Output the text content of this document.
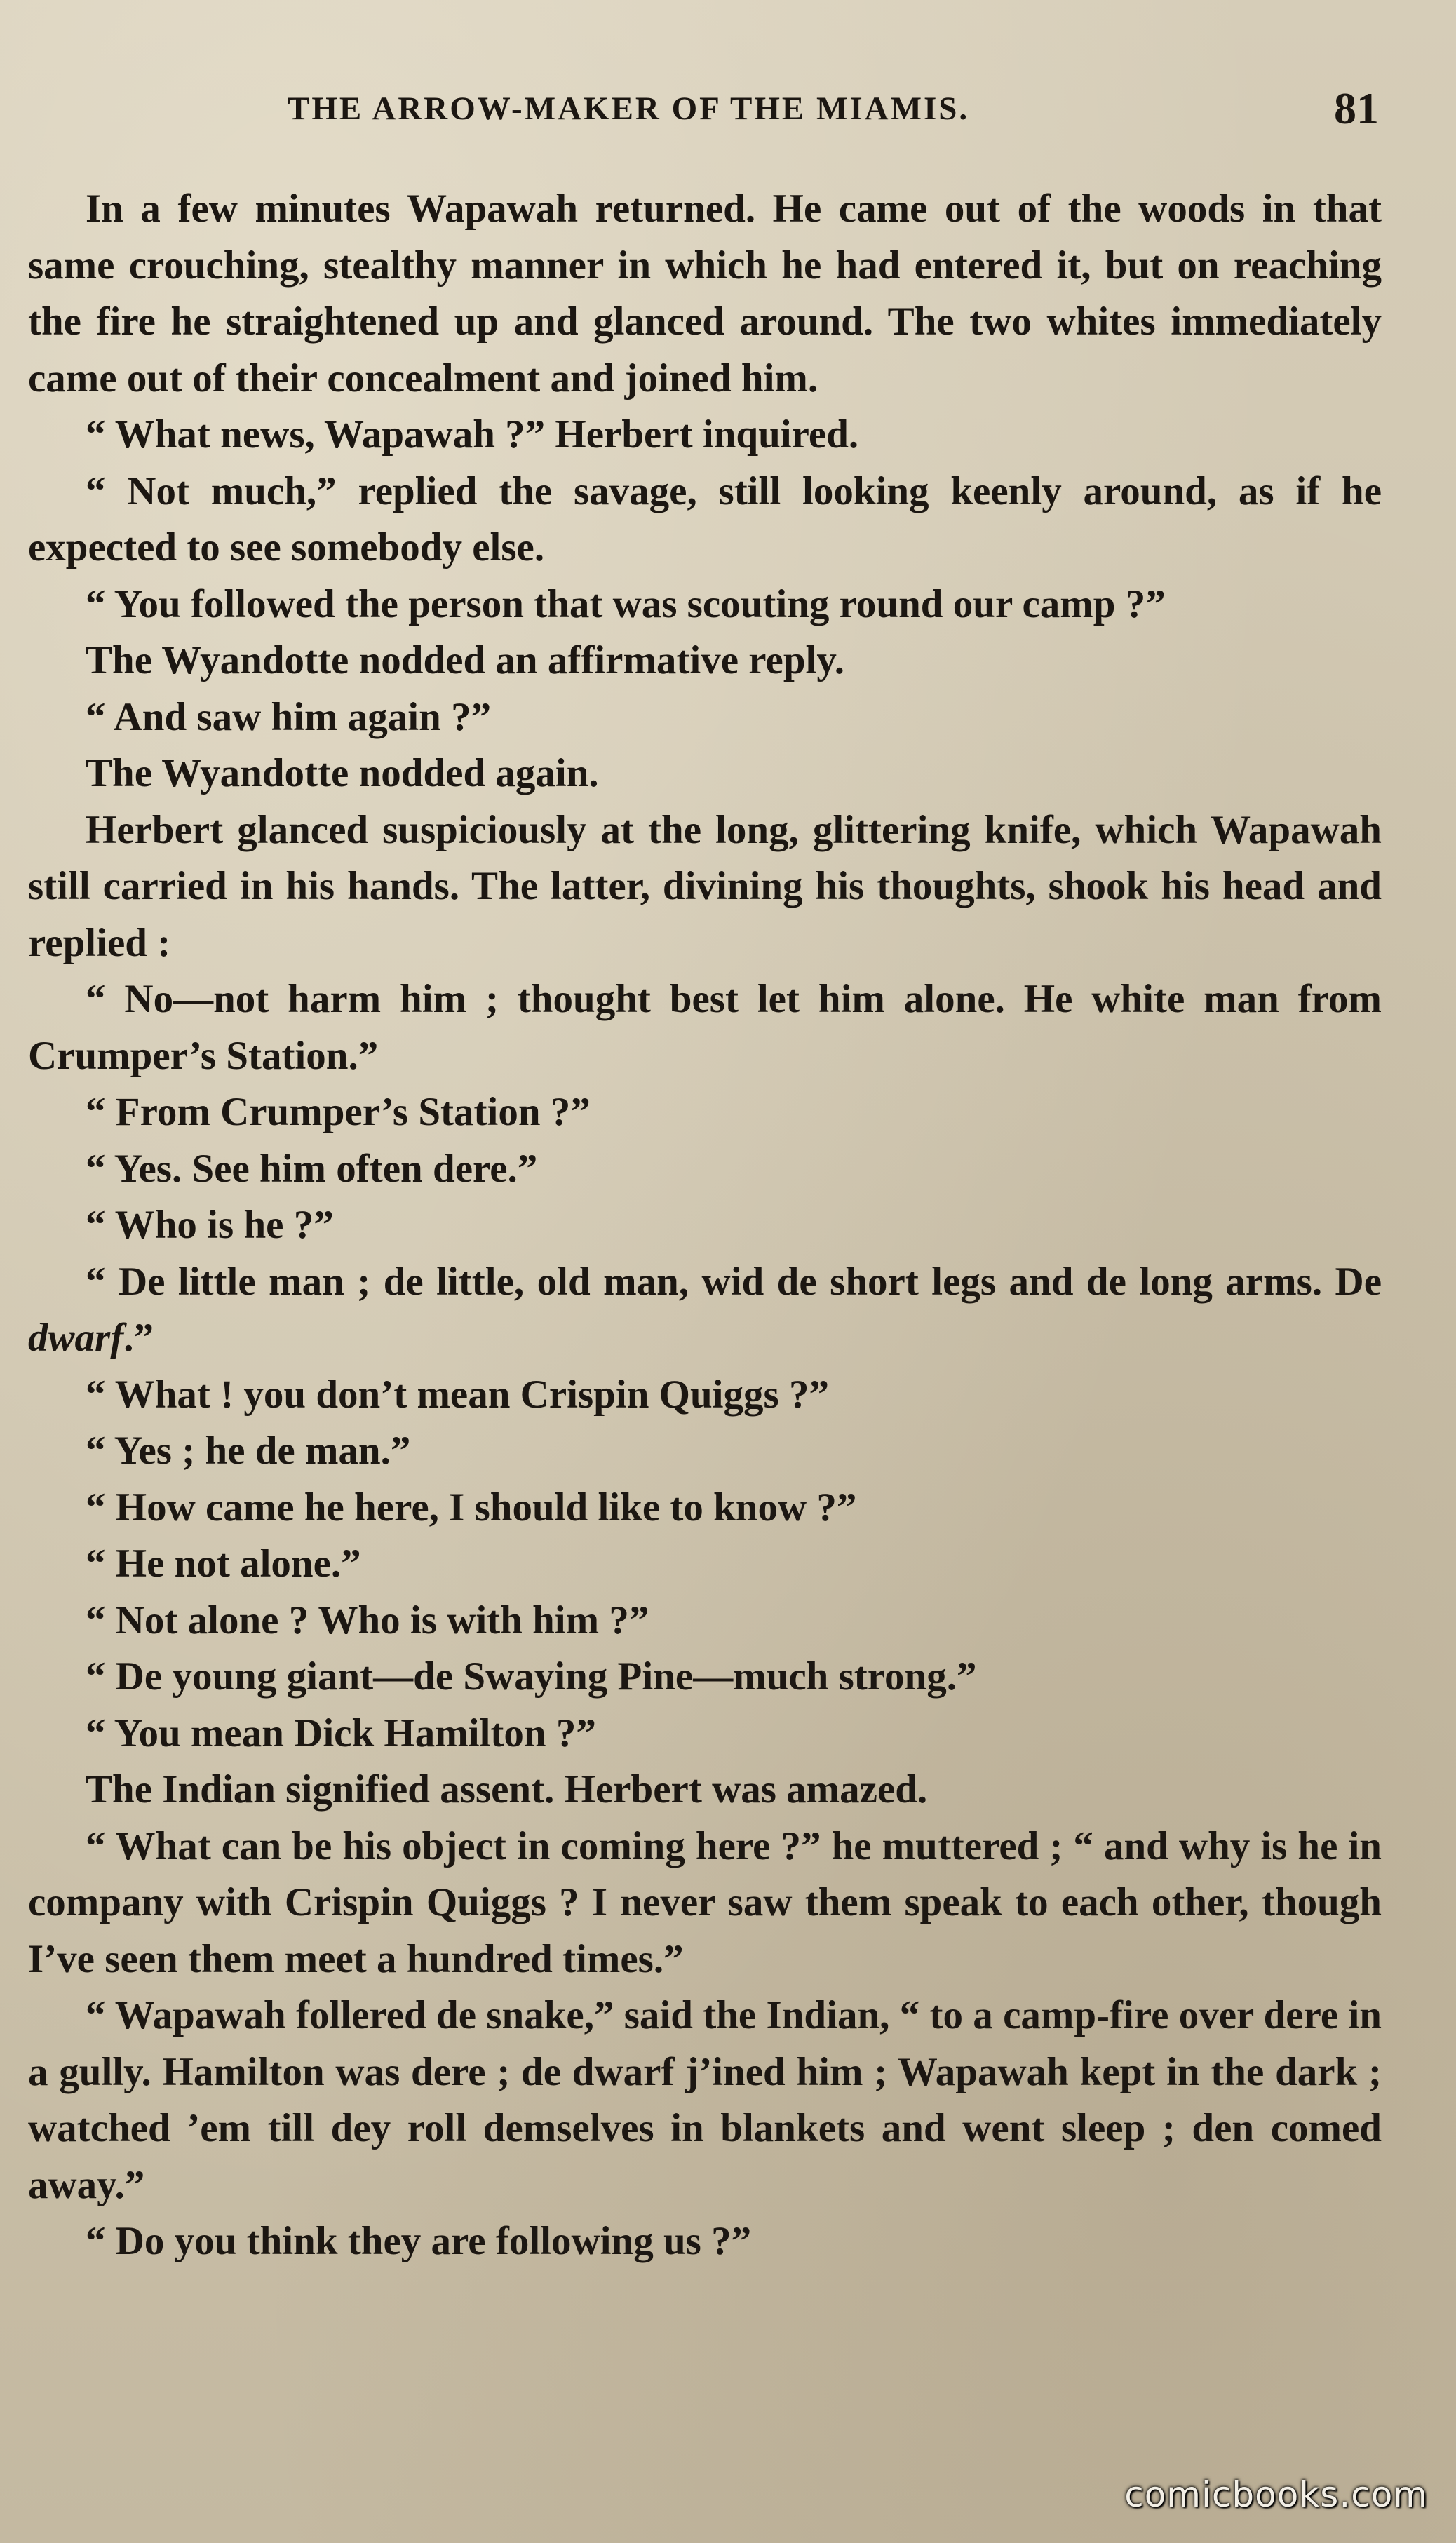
THE ARROW-MAKER OF THE MIAMIS.	81

In a few minutes Wapawah returned. He came out of the woods in that same crouching, stealthy manner in which he had entered it, but on reaching the fire he straightened up and glanced around. The two whites immediately came out of their concealment and joined him.

“ What news, Wapawah ?” Herbert inquired.

“ Not much,” replied the savage, still looking keenly around, as if he expected to see somebody else.

“ You followed the person that was scouting round our camp ?”

The Wyandotte nodded an affirmative reply.

“ And saw him again ?”

The Wyandotte nodded again.

Herbert glanced suspiciously at the long, glittering knife, which Wapawah still carried in his hands. The latter, divining his thoughts, shook his head and replied :

“ No—not harm him ; thought best let him alone. He white man from Crumper’s Station.”

“ From Crumper’s Station ?”

“ Yes. See him often dere.”

“ Who is he ?”

“ De little man ; de little, old man, wid de short legs and de long arms. De dwarf.”

“ What ! you don’t mean Crispin Quiggs ?”

“ Yes ; he de man.”

“ How came he here, I should like to know ?”

“ He not alone.”

“ Not alone ? Who is with him ?”

“ De young giant—de Swaying Pine—much strong.”

“ You mean Dick Hamilton ?”

The Indian signified assent. Herbert was amazed.

“ What can be his object in coming here ?” he muttered ; “ and why is he in company with Crispin Quiggs ? I never saw them speak to each other, though I’ve seen them meet a hundred times.”

“ Wapawah follered de snake,” said the Indian, “ to a camp-fire over dere in a gully. Hamilton was dere ; de dwarf j’ined him ; Wapawah kept in the dark ; watched ’em till dey roll demselves in blankets and went sleep ; den comed away.”

“ Do you think they are following us ?”

comicbooks.com
